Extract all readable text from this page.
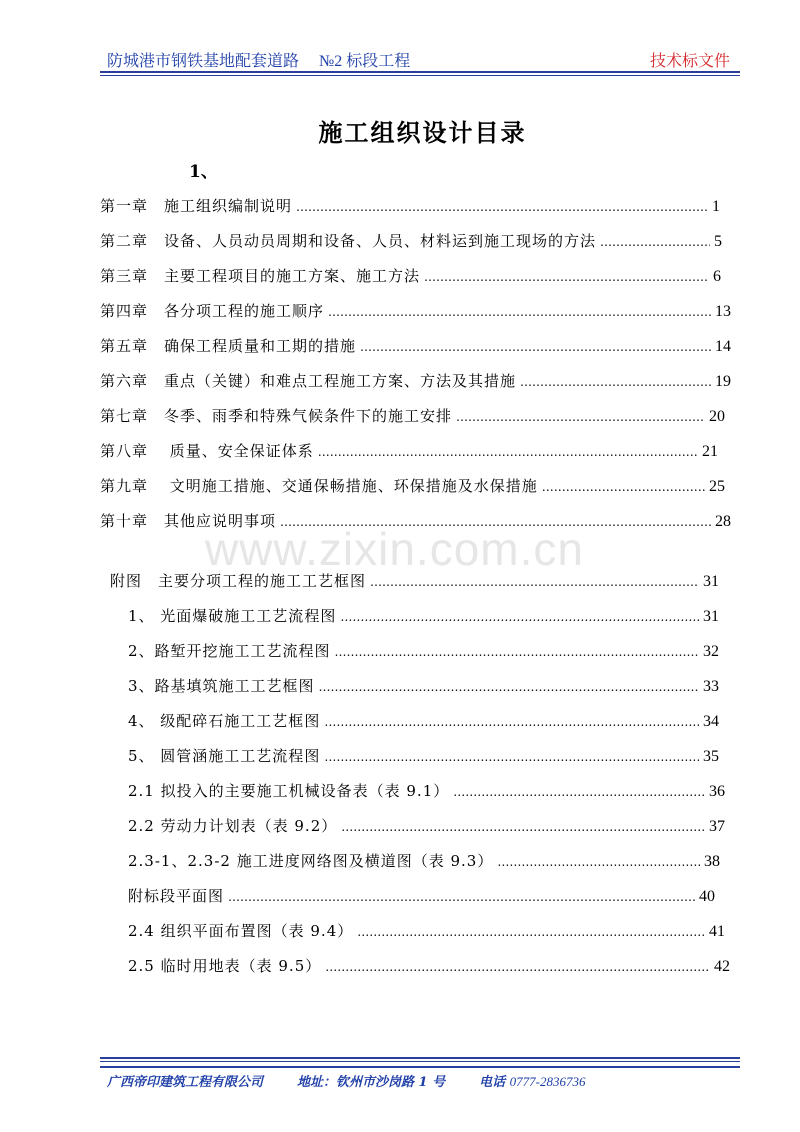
防城港市钢铁基地配套道路　 №2 标段工程	技术标文件
施工组织设计目录
1、
第一章　施工组织编制说明 ………………………………………………………………………………………………………………………………………………………………………………	1
第二章　设备、人员动员周期和设备、人员、材料运到施工现场的方法 ………………………………………………………………………………………………………………………………………………………………………………	5
第三章　主要工程项目的施工方案、施工方法 ………………………………………………………………………………………………………………………………………………………………………………	6
第四章　各分项工程的施工顺序 ………………………………………………………………………………………………………………………………………………………………………………	13
第五章　确保工程质量和工期的措施 ………………………………………………………………………………………………………………………………………………………………………………	14
第六章　重点（关键）和难点工程施工方案、方法及其措施 ………………………………………………………………………………………………………………………………………………………………………………	19
第七章　冬季、雨季和特殊气候条件下的施工安排 ………………………………………………………………………………………………………………………………………………………………………………	20
第八章　 质量、安全保证体系 ………………………………………………………………………………………………………………………………………………………………………………	21
第九章　 文明施工措施、交通保畅措施、环保措施及水保措施 ………………………………………………………………………………………………………………………………………………………………………………	25
第十章　其他应说明事项 ………………………………………………………………………………………………………………………………………………………………………………	28
附图　主要分项工程的施工工艺框图 ………………………………………………………………………………………………………………………………………………………………………………	31
1、 光面爆破施工工艺流程图 ………………………………………………………………………………………………………………………………………………………………………………	31
2、路堑开挖施工工艺流程图 ………………………………………………………………………………………………………………………………………………………………………………	32
3、路基填筑施工工艺框图 ………………………………………………………………………………………………………………………………………………………………………………	33
4、 级配碎石施工工艺框图 ………………………………………………………………………………………………………………………………………………………………………………	34
5、 圆管涵施工工艺流程图 ………………………………………………………………………………………………………………………………………………………………………………	35
2.1 拟投入的主要施工机械设备表（表 9.1） ………………………………………………………………………………………………………………………………………………………………………………	36
2.2 劳动力计划表（表 9.2） ………………………………………………………………………………………………………………………………………………………………………………	37
2.3-1、2.3-2 施工进度网络图及横道图（表 9.3） ………………………………………………………………………………………………………………………………………………………………………………	38
附标段平面图 ………………………………………………………………………………………………………………………………………………………………………………	40
2.4 组织平面布置图（表 9.4） ………………………………………………………………………………………………………………………………………………………………………………	41
2.5 临时用地表（表 9.5） ………………………………………………………………………………………………………………………………………………………………………………	42
www.zixin.com.cn
广西帝印建筑工程有限公司	地址：钦州市沙岗路 1 号	电话 0777-2836736
